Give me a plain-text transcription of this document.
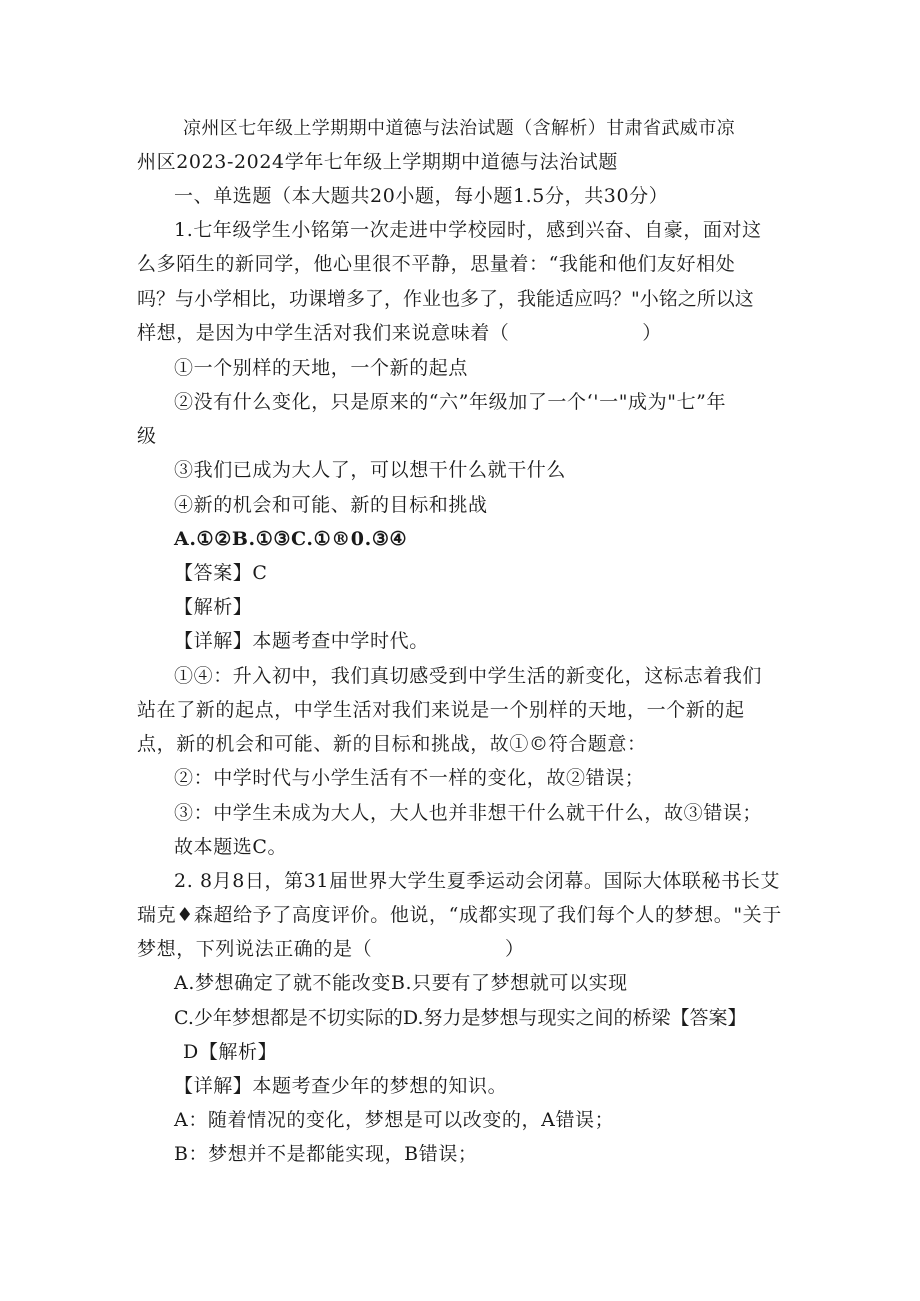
凉州区七年级上学期期中道德与法治试题（含解析）甘肃省武威市凉
州区2023-2024学年七年级上学期期中道德与法治试题
一、单选题（本大题共20小题，每小题1.5分，共30分）
1.七年级学生小铭第一次走进中学校园时，感到兴奋、自豪，面对这
么多陌生的新同学，他心里很不平静，思量着：“我能和他们友好相处
吗？与小学相比，功课增多了，作业也多了，我能适应吗？"小铭之所以这
样想，是因为中学生活对我们来说意味着（                    ）
①一个别样的天地，一个新的起点
②没有什么变化，只是原来的“六”年级加了一个‘'一"成为"七”年
级
③我们已成为大人了，可以想干什么就干什么
④新的机会和可能、新的目标和挑战
A.①②B.①③C.①®0.③④
【答案】C
【解析】
【详解】本题考查中学时代。
①④：升入初中，我们真切感受到中学生活的新变化，这标志着我们
站在了新的起点，中学生活对我们来说是一个别样的天地，一个新的起
点，新的机会和可能、新的目标和挑战，故①©符合题意：
②：中学时代与小学生活有不一样的变化，故②错误；
③：中学生未成为大人，大人也并非想干什么就干什么，故③错误；
故本题选C。
2. 8月8日，第31届世界大学生夏季运动会闭幕。国际大体联秘书长艾
瑞克♦森超给予了高度评价。他说，“成都实现了我们每个人的梦想。"关于
梦想，下列说法正确的是（                    ）
A.梦想确定了就不能改变B.只要有了梦想就可以实现
C.少年梦想都是不切实际的D.努力是梦想与现实之间的桥梁【答案】
D【解析】
【详解】本题考查少年的梦想的知识。
A：随着情况的变化，梦想是可以改变的，A错误；
B：梦想并不是都能实现，B错误；
